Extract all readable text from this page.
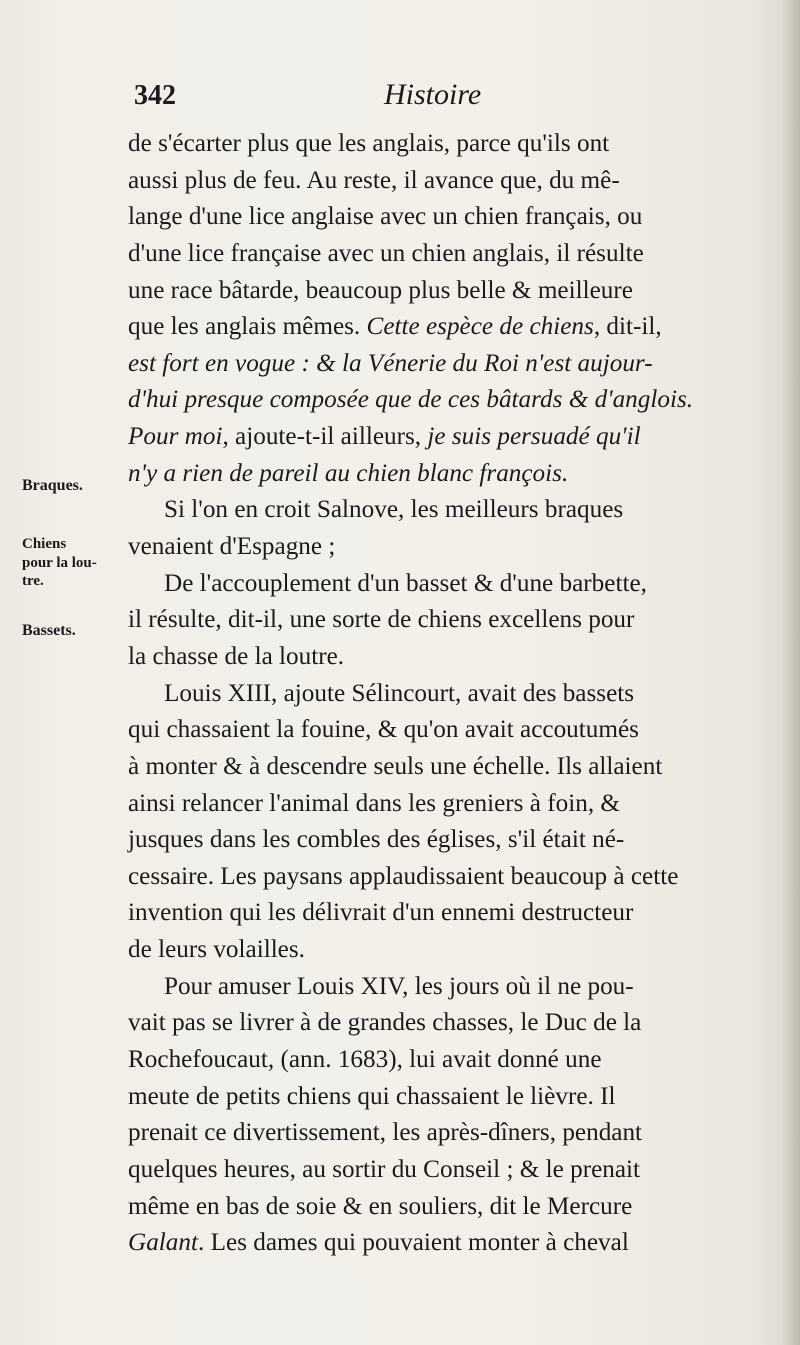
342	Histoire
Braques.
Chiens
pour la lou-
tre.
Bassets.
de s'écarter plus que les anglais, parce qu'ils ont
aussi plus de feu. Au reste, il avance que, du mê-
lange d'une lice anglaise avec un chien français, ou
d'une lice française avec un chien anglais, il résulte
une race bâtarde, beaucoup plus belle & meilleure
que les anglais mêmes. Cette espèce de chiens, dit-il,
est fort en vogue : & la Vénerie du Roi n'est aujour-
d'hui presque composée que de ces bâtards & d'anglois.
Pour moi, ajoute-t-il ailleurs, je suis persuadé qu'il
n'y a rien de pareil au chien blanc françois.
Si l'on en croit Salnove, les meilleurs braques
venaient d'Espagne ;
De l'accouplement d'un basset & d'une barbette,
il résulte, dit-il, une sorte de chiens excellens pour
la chasse de la loutre.
Louis XIII, ajoute Sélincourt, avait des bassets
qui chassaient la fouine, & qu'on avait accoutumés
à monter & à descendre seuls une échelle. Ils allaient
ainsi relancer l'animal dans les greniers à foin, &
jusques dans les combles des églises, s'il était né-
cessaire. Les paysans applaudissaient beaucoup à cette
invention qui les délivrait d'un ennemi destructeur
de leurs volailles.
Pour amuser Louis XIV, les jours où il ne pou-
vait pas se livrer à de grandes chasses, le Duc de la
Rochefoucaut, (ann. 1683), lui avait donné une
meute de petits chiens qui chassaient le lièvre. Il
prenait ce divertissement, les après-dîners, pendant
quelques heures, au sortir du Conseil ; & le prenait
même en bas de soie & en souliers, dit le Mercure
Galant. Les dames qui pouvaient monter à cheval
